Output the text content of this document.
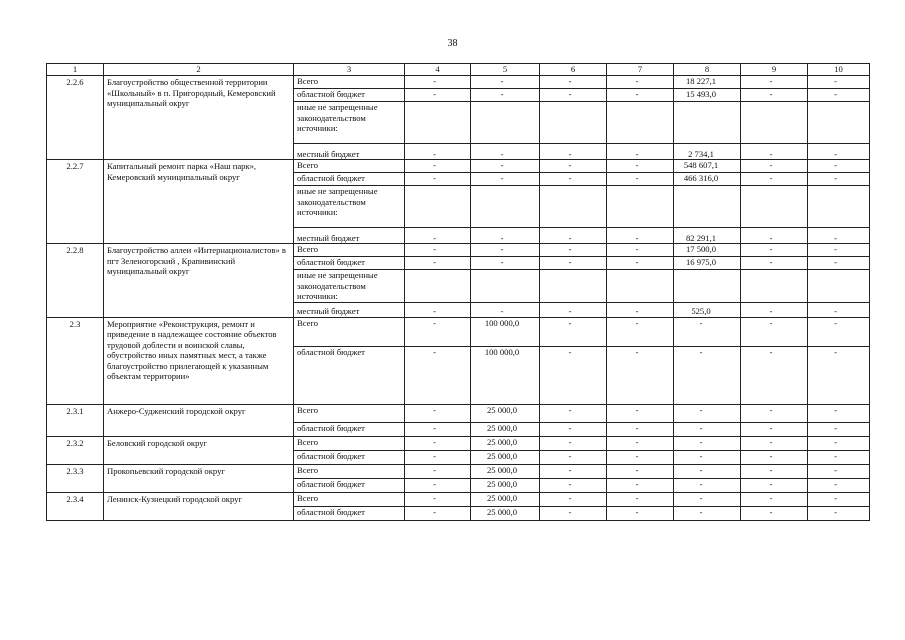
38
1	2	3	4	5	6	7	8	9	10
2.2.6	Благоустройство общественной территории «Школьный» в п. Пригородный, Кемеровский муниципальный округ	Всего	-	-	-	-	18 227,1	-	-
		областной бюджет	-	-	-	-	15 493,0	-	-
		иные не запрещенные законодательством источники:							
		местный бюджет	-	-	-	-	2 734,1	-	-
2.2.7	Капитальный ремонт парка «Наш парк», Кемеровский муниципальный округ	Всего	-	-	-	-	548 607,1	-	-
		областной бюджет	-	-	-	-	466 316,0	-	-
		иные не запрещенные законодательством источники:							
		местный бюджет	-	-	-	-	82 291,1	-	-
2.2.8	Благоустройство аллеи «Интернационалистов» в пгт Зеленогорский , Крапивинский муниципальный округ	Всего	-	-	-	-	17 500,0	-	-
		областной бюджет	-	-	-	-	16 975,0	-	-
		иные не запрещенные законодательством источники:							
		местный бюджет	-	-	-	-	525,0	-	-
2.3	Мероприятие «Реконструкция, ремонт и приведение в надлежащее состояние объектов трудовой доблести и воинской славы, обустройство иных памятных мест, а также благоустройство прилегающей к указанным объектам территории»	Всего	-	100 000,0	-	-	-	-	-
		областной бюджет	-	100 000,0	-	-	-	-	-
2.3.1	Анжеро-Судженский городской округ	Всего	-	25 000,0	-	-	-	-	-
		областной бюджет	-	25 000,0	-	-	-	-	-
2.3.2	Беловский городской округ	Всего	-	25 000,0	-	-	-	-	-
		областной бюджет	-	25 000,0	-	-	-	-	-
2.3.3	Прокопьевский городской округ	Всего	-	25 000,0	-	-	-	-	-
		областной бюджет	-	25 000,0	-	-	-	-	-
2.3.4	Ленинск-Кузнецкий городской округ	Всего	-	25 000,0	-	-	-	-	-
		областной бюджет	-	25 000,0	-	-	-	-	-
